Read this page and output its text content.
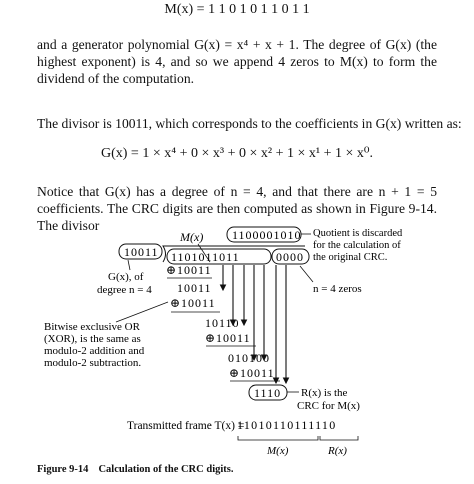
M(x) = 1 1 0 1 0 1 1 0 1 1

and a generator polynomial G(x) = x⁴ + x + 1. The degree of G(x) (the highest exponent) is 4, and so we append 4 zeros to M(x) to form the dividend of the computation.

The divisor is 10011, which corresponds to the coefficients in G(x) written as:
G(x) = 1 × x⁴ + 0 × x³ + 0 × x² + 1 × x¹ + 1 × x⁰.

Notice that G(x) has a degree of n = 4, and that there are n + 1 = 5 coefficients. The CRC digits are then computed as shown in Figure 9-14. The divisor

M(x) 1100001010 Quotient is discarded
for the calculation of
the original CRC.
10011 1101011011	0000
G(x), of
degree n = 4	n = 4 zeros
⊕10011
10011
⊕10011
10110
⊕10011
010100
⊕10011
1110 R(x) is the
CRC for M(x)
Bitwise exclusive OR
(XOR), is the same as
modulo-2 addition and
modulo-2 subtraction.
Transmitted frame T(x) =
11010110111110
M(x)	R(x)
Figure 9-14 Calculation of the CRC digits.
